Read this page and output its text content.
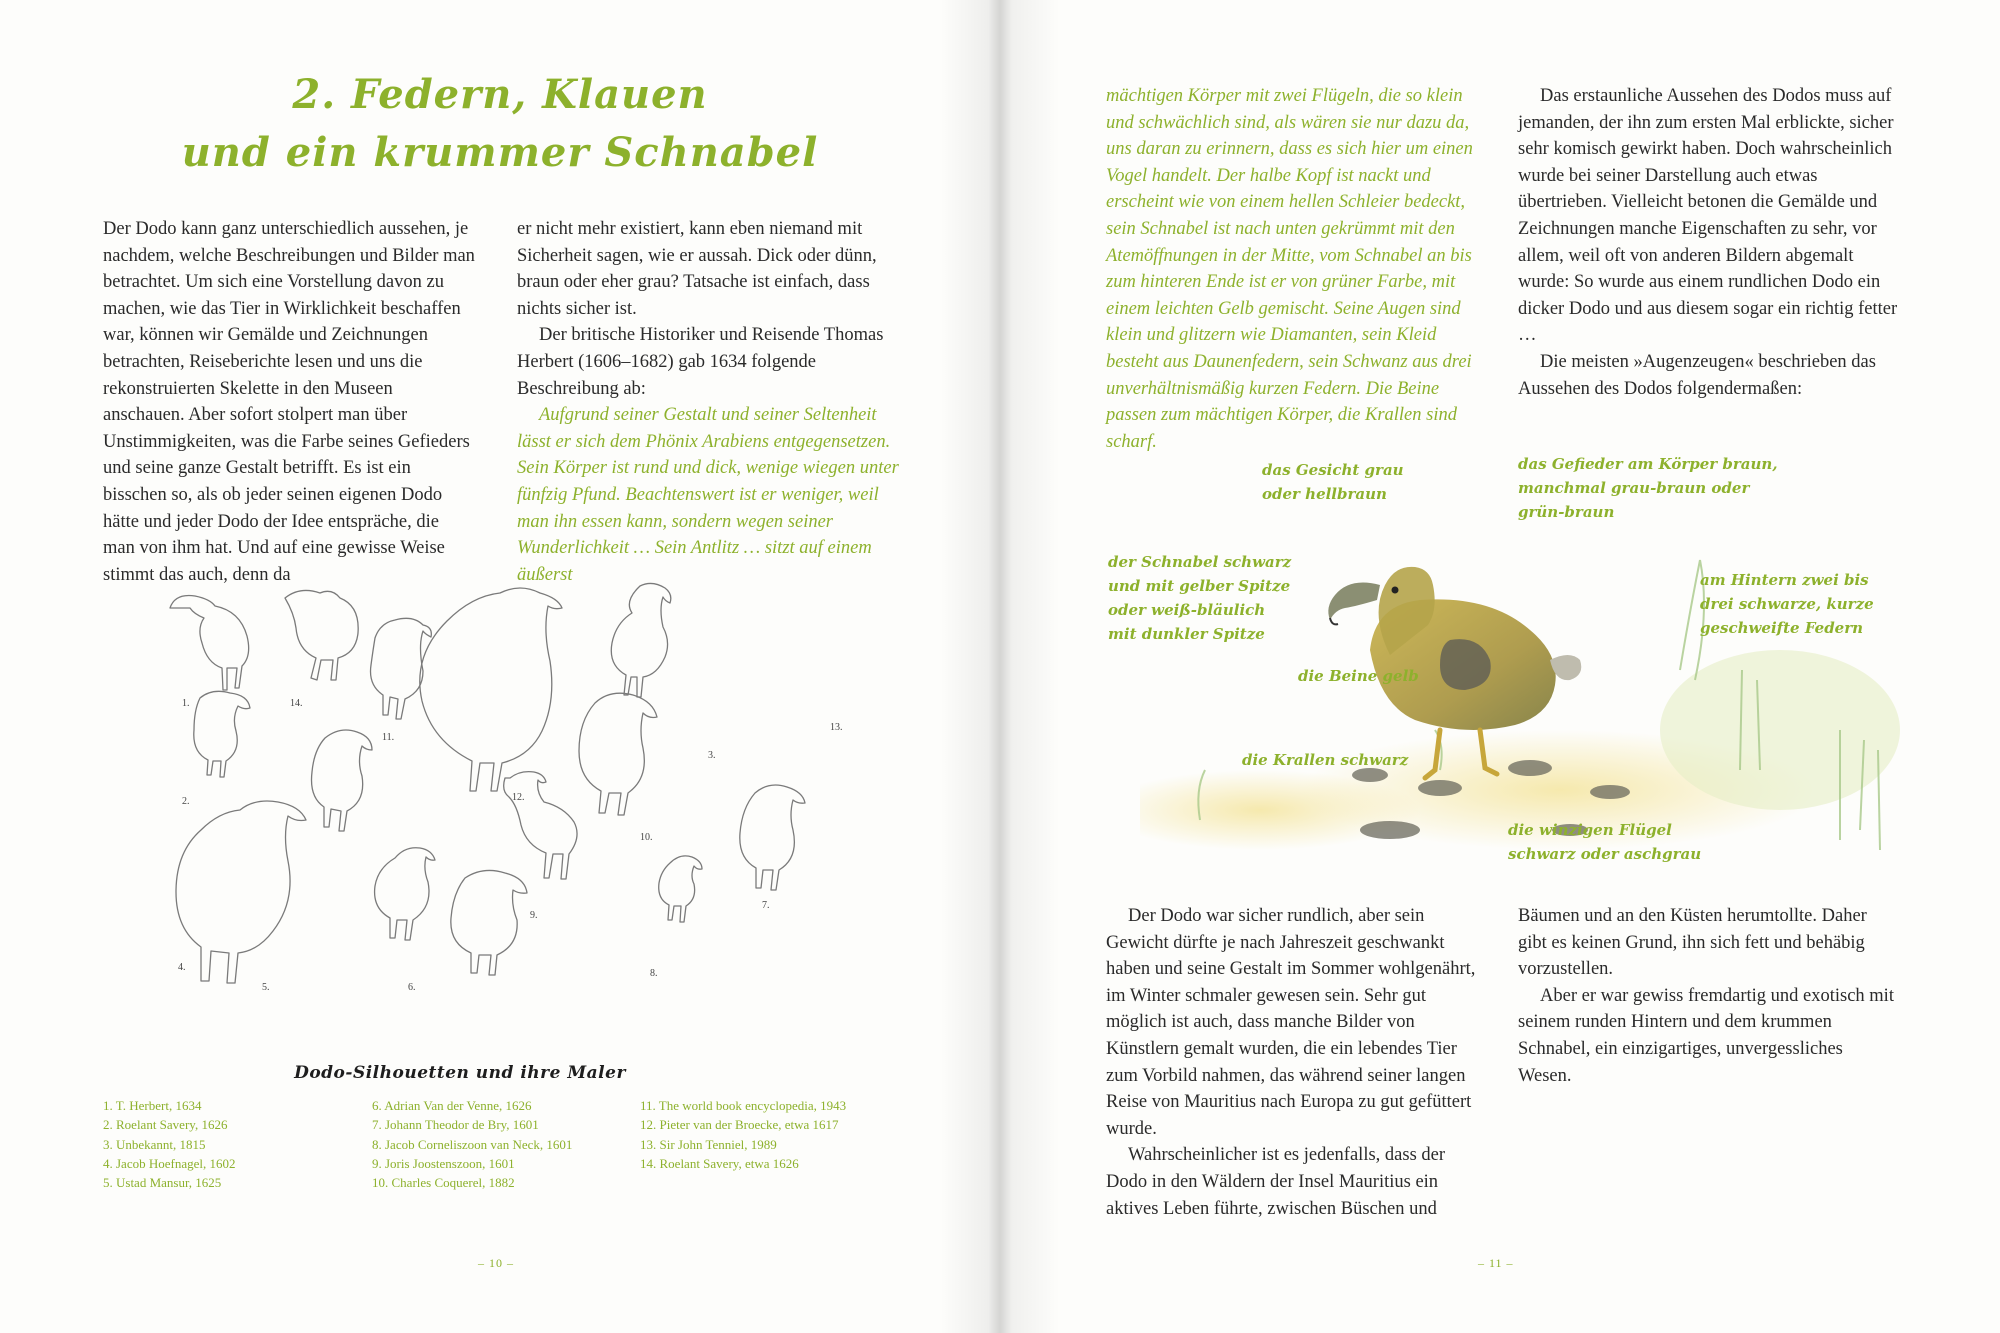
2. Federn, Klauen
und ein krummer Schnabel

Der Dodo kann ganz unterschiedlich aussehen, je nachdem, welche Beschreibungen und Bilder man betrachtet. Um sich eine Vorstellung davon zu machen, wie das Tier in Wirklichkeit beschaffen war, können wir Gemälde und Zeichnungen betrachten, Reiseberichte lesen und uns die rekonstruierten Skelette in den Museen anschauen. Aber sofort stolpert man über Unstimmigkeiten, was die Farbe seines Gefieders und seine ganze Gestalt betrifft. Es ist ein bisschen so, als ob jeder seinen eigenen Dodo hätte und jeder Dodo der Idee entspräche, die man von ihm hat. Und auf eine gewisse Weise stimmt das auch, denn da

er nicht mehr existiert, kann eben niemand mit Sicherheit sagen, wie er aussah. Dick oder dünn, braun oder eher grau? Tatsache ist einfach, dass nichts sicher ist.

Der britische Historiker und Reisende Thomas Herbert (1606–1682) gab 1634 folgende Beschreibung ab:

Aufgrund seiner Gestalt und seiner Seltenheit lässt er sich dem Phönix Arabiens entgegensetzen. Sein Körper ist rund und dick, wenige wiegen unter fünfzig Pfund. Beachtenswert ist er weniger, weil man ihn essen kann, sondern wegen seiner Wunderlichkeit … Sein Antlitz … sitzt auf einem äußerst

1.	14.
11.
2.
13.
12.
10.
9.
7.
6.
5.
4.
3.
8.
Dodo-Silhouetten und ihre Maler
1. T. Herbert, 1634
2. Roelant Savery, 1626
3. Unbekannt, 1815
4. Jacob Hoefnagel, 1602
5. Ustad Mansur, 1625
6. Adrian Van der Venne, 1626
7. Johann Theodor de Bry, 1601
8. Jacob Corneliszoon van Neck, 1601
9. Joris Joostenszoon, 1601
10. Charles Coquerel, 1882
11. The world book encyclopedia, 1943
12. Pieter van der Broecke, etwa 1617
13. Sir John Tenniel, 1989
14. Roelant Savery, etwa 1626
– 10 –

mächtigen Körper mit zwei Flügeln, die so klein und schwächlich sind, als wären sie nur dazu da, uns daran zu erinnern, dass es sich hier um einen Vogel handelt. Der halbe Kopf ist nackt und erscheint wie von einem hellen Schleier bedeckt, sein Schnabel ist nach unten gekrümmt mit den Atemöffnungen in der Mitte, vom Schnabel an bis zum hinteren Ende ist er von grüner Farbe, mit einem leichten Gelb gemischt. Seine Augen sind klein und glitzern wie Diamanten, sein Kleid besteht aus Daunenfedern, sein Schwanz aus drei unverhältnismäßig kurzen Federn. Die Beine passen zum mächtigen Körper, die Krallen sind scharf.

Das erstaunliche Aussehen des Dodos muss auf jemanden, der ihn zum ersten Mal erblickte, sicher sehr komisch gewirkt haben. Doch wahrscheinlich wurde bei seiner Darstellung auch etwas übertrieben. Vielleicht betonen die Gemälde und Zeichnungen manche Eigenschaften zu sehr, vor allem, weil oft von anderen Bildern abgemalt wurde: So wurde aus einem rundlichen Dodo ein dicker Dodo und aus diesem sogar ein richtig fetter …

Die meisten »Augenzeugen« beschrieben das Aussehen des Dodos folgendermaßen:

das Gesicht grau
oder hellbraun
das Gefieder am Körper braun,
manchmal grau-braun oder
grün-braun
der Schnabel schwarz
und mit gelber Spitze
oder weiß-bläulich
mit dunkler Spitze
am Hintern zwei bis
drei schwarze, kurze
geschweifte Federn
die Beine gelb
die Krallen schwarz
die winzigen Flügel
schwarz oder aschgrau

Der Dodo war sicher rundlich, aber sein Gewicht dürfte je nach Jahreszeit geschwankt haben und seine Gestalt im Sommer wohlgenährt, im Winter schmaler gewesen sein. Sehr gut möglich ist auch, dass manche Bilder von Künstlern gemalt wurden, die ein lebendes Tier zum Vorbild nahmen, das während seiner langen Reise von Mauritius nach Europa zu gut gefüttert wurde.

Wahrscheinlicher ist es jedenfalls, dass der Dodo in den Wäldern der Insel Mauritius ein aktives Leben führte, zwischen Büschen und

Bäumen und an den Küsten herumtollte. Daher gibt es keinen Grund, ihn sich fett und behäbig vorzustellen.

Aber er war gewiss fremdartig und exotisch mit seinem runden Hintern und dem krummen Schnabel, ein einzigartiges, unvergessliches Wesen.

– 11 –
